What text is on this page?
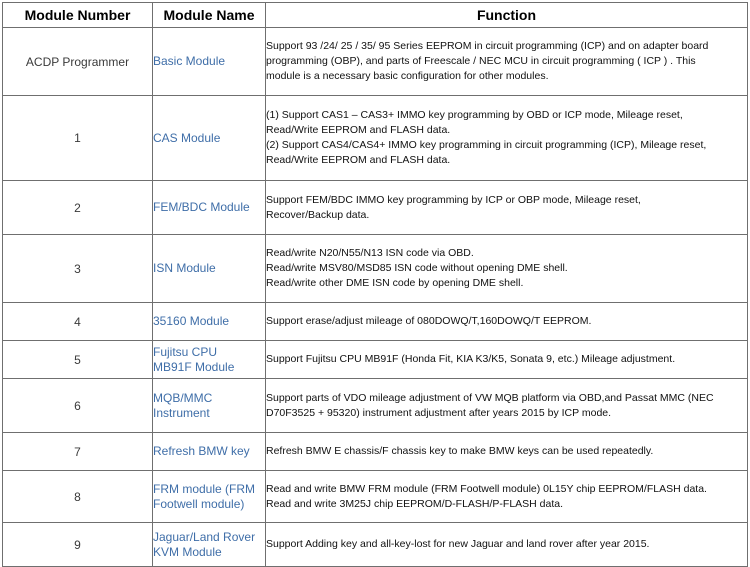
Module Number	Module Name	Function
ACDP Programmer	Basic Module	Support 93 /24/ 25 / 35/ 95 Series EEPROM in circuit programming (ICP) and on adapter board
programming (OBP), and parts of Freescale / NEC MCU in circuit programming ( ICP ) . This
module is a necessary basic configuration for other modules.

1	CAS Module	(1) Support CAS1 – CAS3+ IMMO key programming by OBD or ICP mode, Mileage reset,
Read/Write EEPROM and FLASH data.
(2) Support CAS4/CAS4+ IMMO key programming in circuit programming (ICP), Mileage reset,
Read/Write EEPROM and FLASH data.

2	FEM/BDC Module	Support FEM/BDC IMMO key programming by ICP or OBP mode, Mileage reset,
Recover/Backup data.

3	ISN Module	Read/write N20/N55/N13 ISN code via OBD.
Read/write MSV80/MSD85 ISN code without opening DME shell.
Read/write other DME ISN code by opening DME shell.

4	35160 Module	Support erase/adjust mileage of 080DOWQ/T,160DOWQ/T EEPROM.

5	Fujitsu CPU
MB91F Module	Support Fujitsu CPU MB91F (Honda Fit, KIA K3/K5, Sonata 9, etc.) Mileage adjustment.

6	MQB/MMC
Instrument	Support parts of VDO mileage adjustment of VW MQB platform via OBD,and Passat MMC (NEC
D70F3525 + 95320) instrument adjustment after years 2015 by ICP mode.

7	Refresh BMW key	Refresh BMW E chassis/F chassis key to make BMW keys can be used repeatedly.

8	FRM module (FRM
Footwell module)	Read and write BMW FRM module (FRM Footwell module) 0L15Y chip EEPROM/FLASH data.
Read and write 3M25J chip EEPROM/D-FLASH/P-FLASH data.

9	Jaguar/Land Rover
KVM Module	Support Adding key and all-key-lost for new Jaguar and land rover after year 2015.
